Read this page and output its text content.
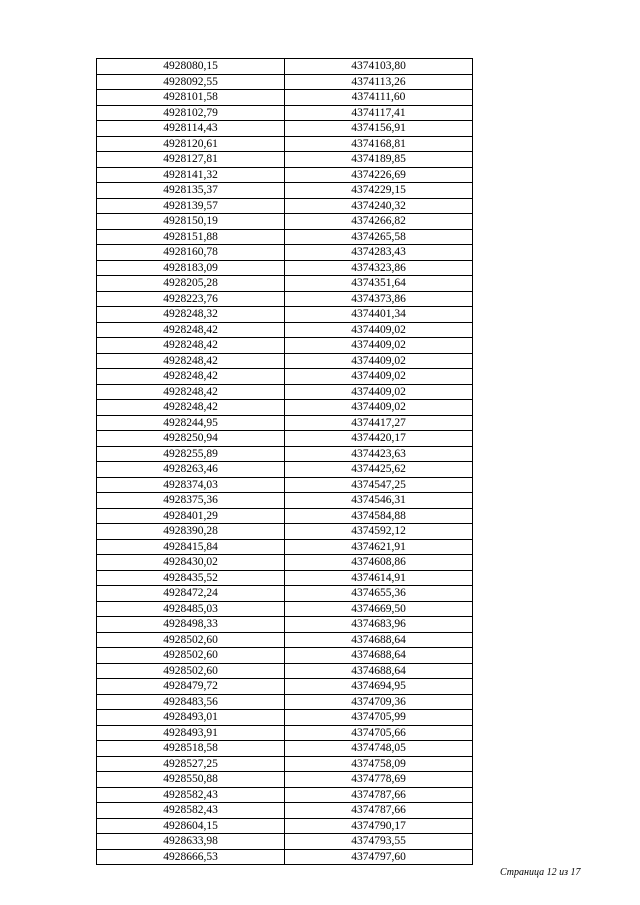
4928080,15	4374103,80
4928092,55	4374113,26
4928101,58	4374111,60
4928102,79	4374117,41
4928114,43	4374156,91
4928120,61	4374168,81
4928127,81	4374189,85
4928141,32	4374226,69
4928135,37	4374229,15
4928139,57	4374240,32
4928150,19	4374266,82
4928151,88	4374265,58
4928160,78	4374283,43
4928183,09	4374323,86
4928205,28	4374351,64
4928223,76	4374373,86
4928248,32	4374401,34
4928248,42	4374409,02
4928248,42	4374409,02
4928248,42	4374409,02
4928248,42	4374409,02
4928248,42	4374409,02
4928248,42	4374409,02
4928244,95	4374417,27
4928250,94	4374420,17
4928255,89	4374423,63
4928263,46	4374425,62
4928374,03	4374547,25
4928375,36	4374546,31
4928401,29	4374584,88
4928390,28	4374592,12
4928415,84	4374621,91
4928430,02	4374608,86
4928435,52	4374614,91
4928472,24	4374655,36
4928485,03	4374669,50
4928498,33	4374683,96
4928502,60	4374688,64
4928502,60	4374688,64
4928502,60	4374688,64
4928479,72	4374694,95
4928483,56	4374709,36
4928493,01	4374705,99
4928493,91	4374705,66
4928518,58	4374748,05
4928527,25	4374758,09
4928550,88	4374778,69
4928582,43	4374787,66
4928582,43	4374787,66
4928604,15	4374790,17
4928633,98	4374793,55
4928666,53	4374797,60
Страница 12 из 17
